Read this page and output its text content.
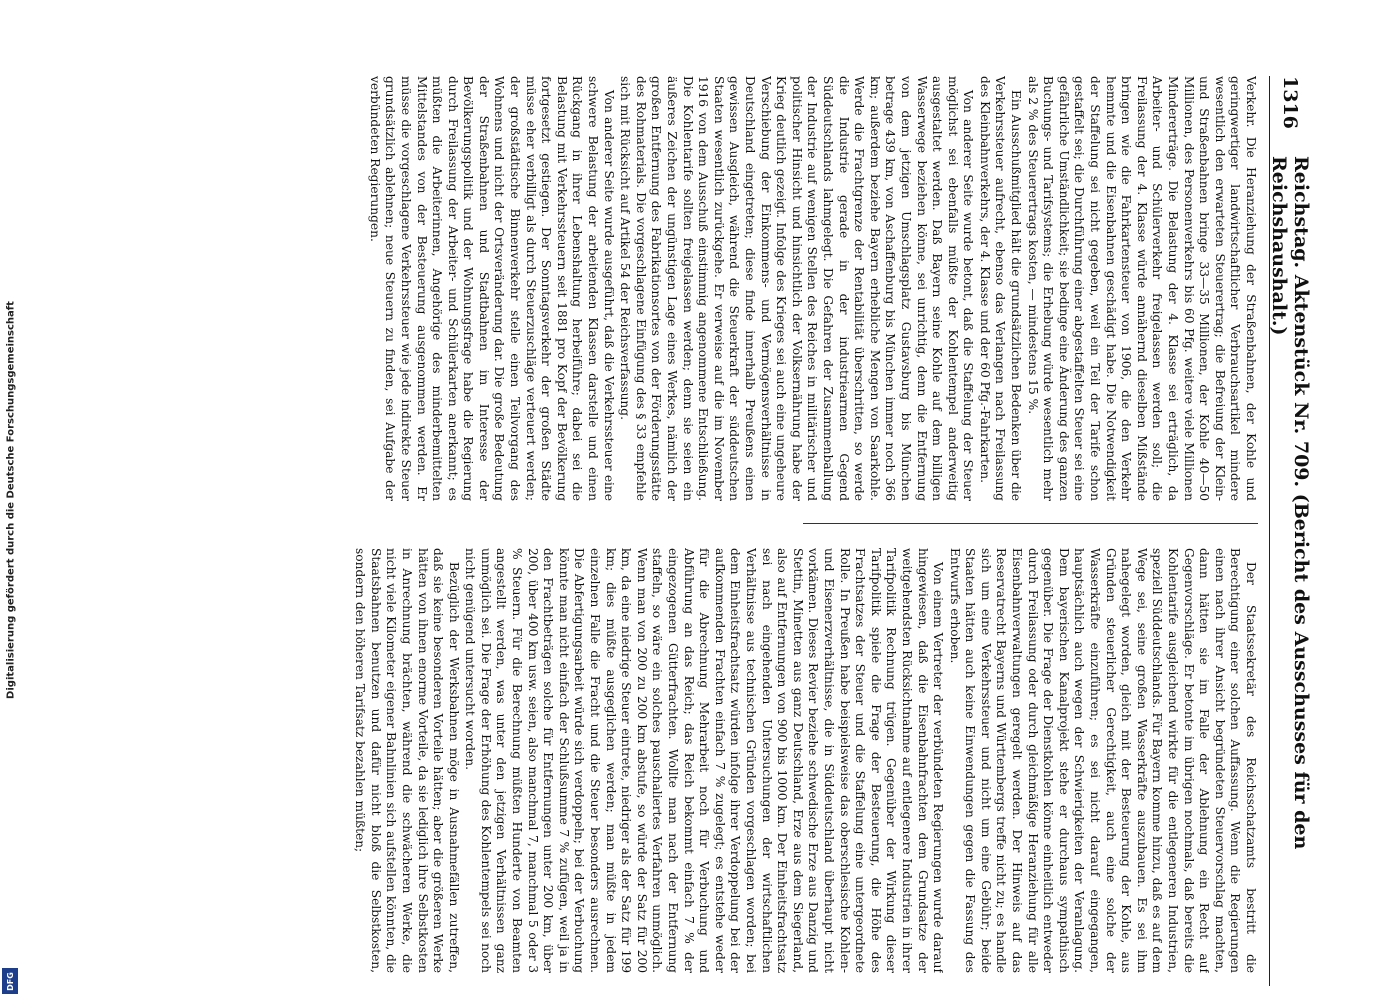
Digitalisierung gefördert durch die Deutsche Forschungsgemeinschaft
DFG
1316
Reichstag. Aktenstück Nr. 709. (Bericht des Ausschusses für den Reichshaushalt.)

Verkehr. Die Heranziehung der Straßenbahnen, der Kohle und geringwertiger landwirtschaftlicher Verbrauchsartikel mindere wesentlich den erwarteten Steuerertrag; die Befreiung der Klein- und Straßenbahnen bringe 33—35 Millionen, der Kohle 40—50 Millionen, des Personenverkehrs bis 60 Pfg. weitere viele Millionen Mindererträge. Die Belastung der 4. Klasse sei erträglich, da Arbeiter- und Schülerverkehr freigelassen werden soll; die Freilassung der 4. Klasse würde annähernd dieselben Mißstände bringen wie die Fahrkartensteuer von 1906, die den Verkehr hemmte und die Eisenbahnen geschädigt habe. Die Notwendigkeit der Staffelung sei nicht gegeben, weil ein Teil der Tarife schon gestaffelt sei; die Durchführung einer abgestaffelten Steuer sei eine gefährliche Umständlichkeit; sie bedinge eine Änderung des ganzen Buchungs- und Tarifsystems; die Erhebung würde wesentlich mehr als 2 % des Steuerertrags kosten, — mindestens 15 %.

Ein Ausschußmitglied hält die grundsätzlichen Bedenken über die Verkehrssteuer aufrecht, ebenso das Verlangen nach Freilassung des Kleinbahnverkehrs, der 4. Klasse und der 60 Pfg.-Fahrkarten.

Von anderer Seite wurde betont, daß die Staffelung der Steuer möglichst sei ebenfalls müßte der Kohlentempel anderweitig ausgestaltet werden. Daß Bayern seine Kohle auf dem billigen Wasserwege beziehen könne, sei unrichtig, denn die Entfernung von dem jetzigen Umschlagsplatz Gustavsburg bis München betrage 439 km, von Aschaffenburg bis München immer noch 366 km; außerdem beziehe Bayern erhebliche Mengen von Saarkohle. Werde die Frachtgrenze der Rentabilität überschritten, so werde die Industrie gerade in der industriearmen Gegend Süddeutschlands lahmgelegt. Die Gefahren der Zusammenballung der Industrie auf wenigen Stellen des Reiches in militärischer und politischer Hinsicht und hinsichtlich der Volksernährung habe der Krieg deutlich gezeigt. Infolge des Krieges sei auch eine ungeheure Verschiebung der Einkommens- und Vermögensverhältnisse in Deutschland eingetreten; diese finde innerhalb Preußens einen gewissen Ausgleich, während die Steuerkraft der süddeutschen Staaten wesentlich zurückgehe. Er verweise auf die im November 1916 von dem Ausschuß einstimmig angenommene Entschließung. Die Kohlentarife sollten freigelassen werden; denn sie seien ein äußeres Zeichen der ungünstigen Lage eines Werkes, nämlich der großen Entfernung des Fabrikationsortes von der Förderungsstätte des Rohmaterials. Die vorgeschlagene Einfügung des § 33 empfehle sich mit Rücksicht auf Artikel 54 der Reichsverfassung.

Von anderer Seite wurde ausgeführt, daß die Verkehrssteuer eine schwere Belastung der arbeitenden Klassen darstelle und einen Rückgang in ihrer Lebenshaltung herbeiführe; dabei sei die Belastung mit Verkehrssteuern seit 1881 pro Kopf der Bevölkerung fortgesetzt gestiegen. Der Sonntagsverkehr der großen Städte müsse eher verbilligt als durch Steuerzuschläge verteuert werden; der großstädtische Binnenverkehr stelle einen Teilvorgang des Wohnens und nicht der Ortsveränderung dar. Die große Bedeutung der Straßenbahnen und Stadtbahnen im Interesse der Bevölkerungspolitik und der Wohnungsfrage habe die Regierung durch Freilassung der Arbeiter- und Schülerkarten anerkannt; es müßten die Arbeiterinnen, Angehörige des minderbemittelten Mittelstandes von der Besteuerung ausgenommen werden. Er müsse die vorgeschlagene Verkehrssteuer wie jede indirekte Steuer grundsätzlich ablehnen; neue Steuern zu finden, sei Aufgabe der verbündeten Regierungen.

Der Staatssekretär des Reichsschatzamts bestritt die Berechtigung einer solchen Auffassung. Wenn die Regierungen einen nach ihrer Ansicht begründeten Steuervorschlag machten, dann hätten sie im Falle der Ablehnung ein Recht auf Gegenvorschläge. Er betonte im übrigen nochmals, daß bereits die Kohlentarife ausgleichend wirkte für die entlegeneren Industrien, speziell Süddeutschlands. Für Bayern komme hinzu, daß es auf dem Wege sei, seine großen Wasserkräfte auszubauen. Es sei ihm nahegelegt worden, gleich mit der Besteuerung der Kohle, aus Gründen steuerlicher Gerechtigkeit, auch eine solche der Wasserkräfte einzuführen; es sei nicht darauf eingegangen, hauptsächlich auch wegen der Schwierigkeiten der Veranlagung. Dem bayerischen Kanalprojekt stehe er durchaus sympathisch gegenüber. Die Frage der Dienstkohlen könne einheitlich entweder durch Freilassung oder durch gleichmäßige Heranziehung für alle Eisenbahnverwaltungen geregelt werden. Der Hinweis auf das Reservatrecht Bayerns und Württembergs treffe nicht zu; es handle sich um eine Verkehrssteuer und nicht um eine Gebühr; beide Staaten hätten auch keine Einwendungen gegen die Fassung des Entwurfs erhoben.

Von einem Vertreter der verbündeten Regierungen wurde darauf hingewiesen, daß die Eisenbahnfrachten dem Grundsatze der weitgehendsten Rücksichtnahme auf entlegenere Industrien in ihrer Tarifpolitik Rechnung trügen. Gegenüber der Wirkung dieser Tarifpolitik spiele die Frage der Besteuerung, die Höhe des Frachtsatzes der Steuer und die Staffelung eine untergeordnete Rolle. In Preußen habe beispielsweise das oberschlesische Kohlen- und Eisenerzverhältnisse, die in Süddeutschland überhaupt nicht vorkämen. Dieses Revier beziehe schwedische Erze aus Danzig und Stettin, Minetten aus ganz Deutschland, Erze aus dem Siegerland, also auf Entfernungen von 900 bis 1000 km. Der Einheitsfrachtsatz sei nach eingehenden Untersuchungen der wirtschaftlichen Verhältnisse aus technischen Gründen vorgeschlagen worden; bei dem Einheitsfrachtsatz würden infolge ihrer Verdoppelung bei der aufkommenden Frachten einfach 7 % zugelegt; es entstehe weder für die Abrechnung Mehrarbeit noch für Verbuchung und Abführung an das Reich; das Reich bekommt einfach 7 % der eingezogenen Gütterfrachten. Wollte man nach der Entfernung staffeln, so wäre ein solches pauschaliertes Verfahren unmöglich. Wenn man von 200 zu 200 km abstufe, so würde der Satz für 200 km, da eine niedrige Steuer eintrete, niedriger als der Satz für 199 km; dies müßte ausgeglichen werden; man müßte in jedem einzelnen Falle die Fracht und die Steuer besonders ausrechnen. Die Abfertigungsarbeit würde sich verdoppeln; bei der Verbuchung könnte man nicht einfach der Schlußsumme 7 % zufügen, weil ja in den Frachtbeträgen solche für Entfernungen unter 200 km, über 200, über 400 km usw. seien, also manchmal 7, manchmal 5 oder 3 % Steuern. Für die Berechnung müßten Hunderte von Beamten angestellt werden, was unter den jetzigen Verhältnissen ganz unmöglich sei. Die Frage der Erhöhung des Kohlentempels sei noch nicht genügend untersucht worden.

Bezüglich der Werksbahnen möge in Ausnahmefällen zutreffen, daß sie keine besonderen Vorteile hätten; aber die größeren Werke hätten von ihnen enorme Vorteile, da sie lediglich ihre Selbstkosten in Anrechnung brächten, während die schwächeren Werke, die nicht viele Kilometer eigener Bahnlinien sich aufstellen könnten, die Staatsbahnen benutzen und dafür nicht bloß die Selbstkosten, sondern den höheren Tarifsatz bezahlen müßten;
